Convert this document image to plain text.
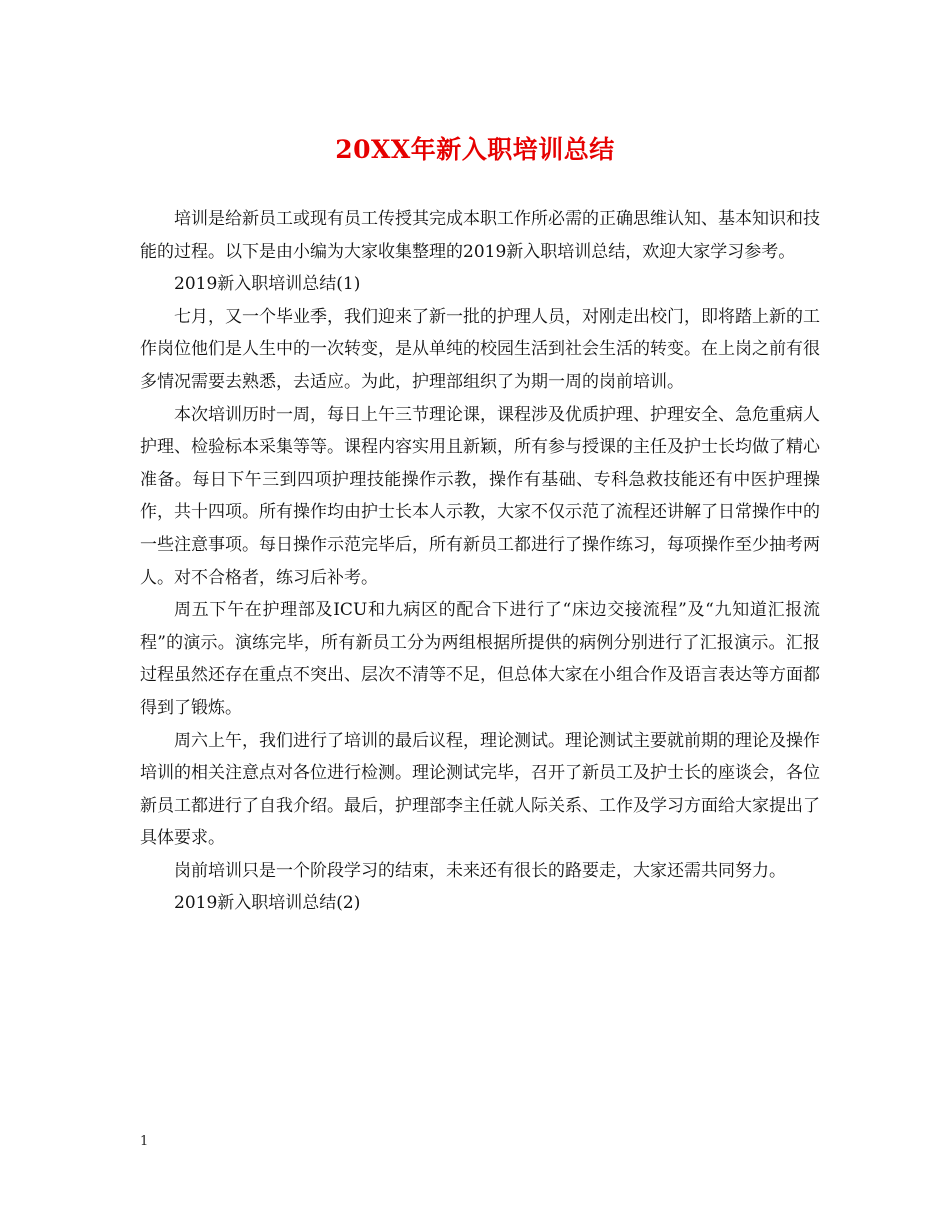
20XX年新入职培训总结

培训是给新员工或现有员工传授其完成本职工作所必需的正确思维认知、基本知识和技能的过程。以下是由小编为大家收集整理的2019新入职培训总结，欢迎大家学习参考。

2019新入职培训总结(1)

七月，又一个毕业季，我们迎来了新一批的护理人员，对刚走出校门，即将踏上新的工作岗位他们是人生中的一次转变，是从单纯的校园生活到社会生活的转变。在上岗之前有很多情况需要去熟悉，去适应。为此，护理部组织了为期一周的岗前培训。

本次培训历时一周，每日上午三节理论课，课程涉及优质护理、护理安全、急危重病人护理、检验标本采集等等。课程内容实用且新颖，所有参与授课的主任及护士长均做了精心准备。每日下午三到四项护理技能操作示教，操作有基础、专科急救技能还有中医护理操作，共十四项。所有操作均由护士长本人示教，大家不仅示范了流程还讲解了日常操作中的一些注意事项。每日操作示范完毕后，所有新员工都进行了操作练习，每项操作至少抽考两人。对不合格者，练习后补考。

周五下午在护理部及ICU和九病区的配合下进行了“床边交接流程”及“九知道汇报流程”的演示。演练完毕，所有新员工分为两组根据所提供的病例分别进行了汇报演示。汇报过程虽然还存在重点不突出、层次不清等不足，但总体大家在小组合作及语言表达等方面都得到了锻炼。

周六上午，我们进行了培训的最后议程，理论测试。理论测试主要就前期的理论及操作培训的相关注意点对各位进行检测。理论测试完毕，召开了新员工及护士长的座谈会，各位新员工都进行了自我介绍。最后，护理部李主任就人际关系、工作及学习方面给大家提出了具体要求。

岗前培训只是一个阶段学习的结束，未来还有很长的路要走，大家还需共同努力。

2019新入职培训总结(2)

1
